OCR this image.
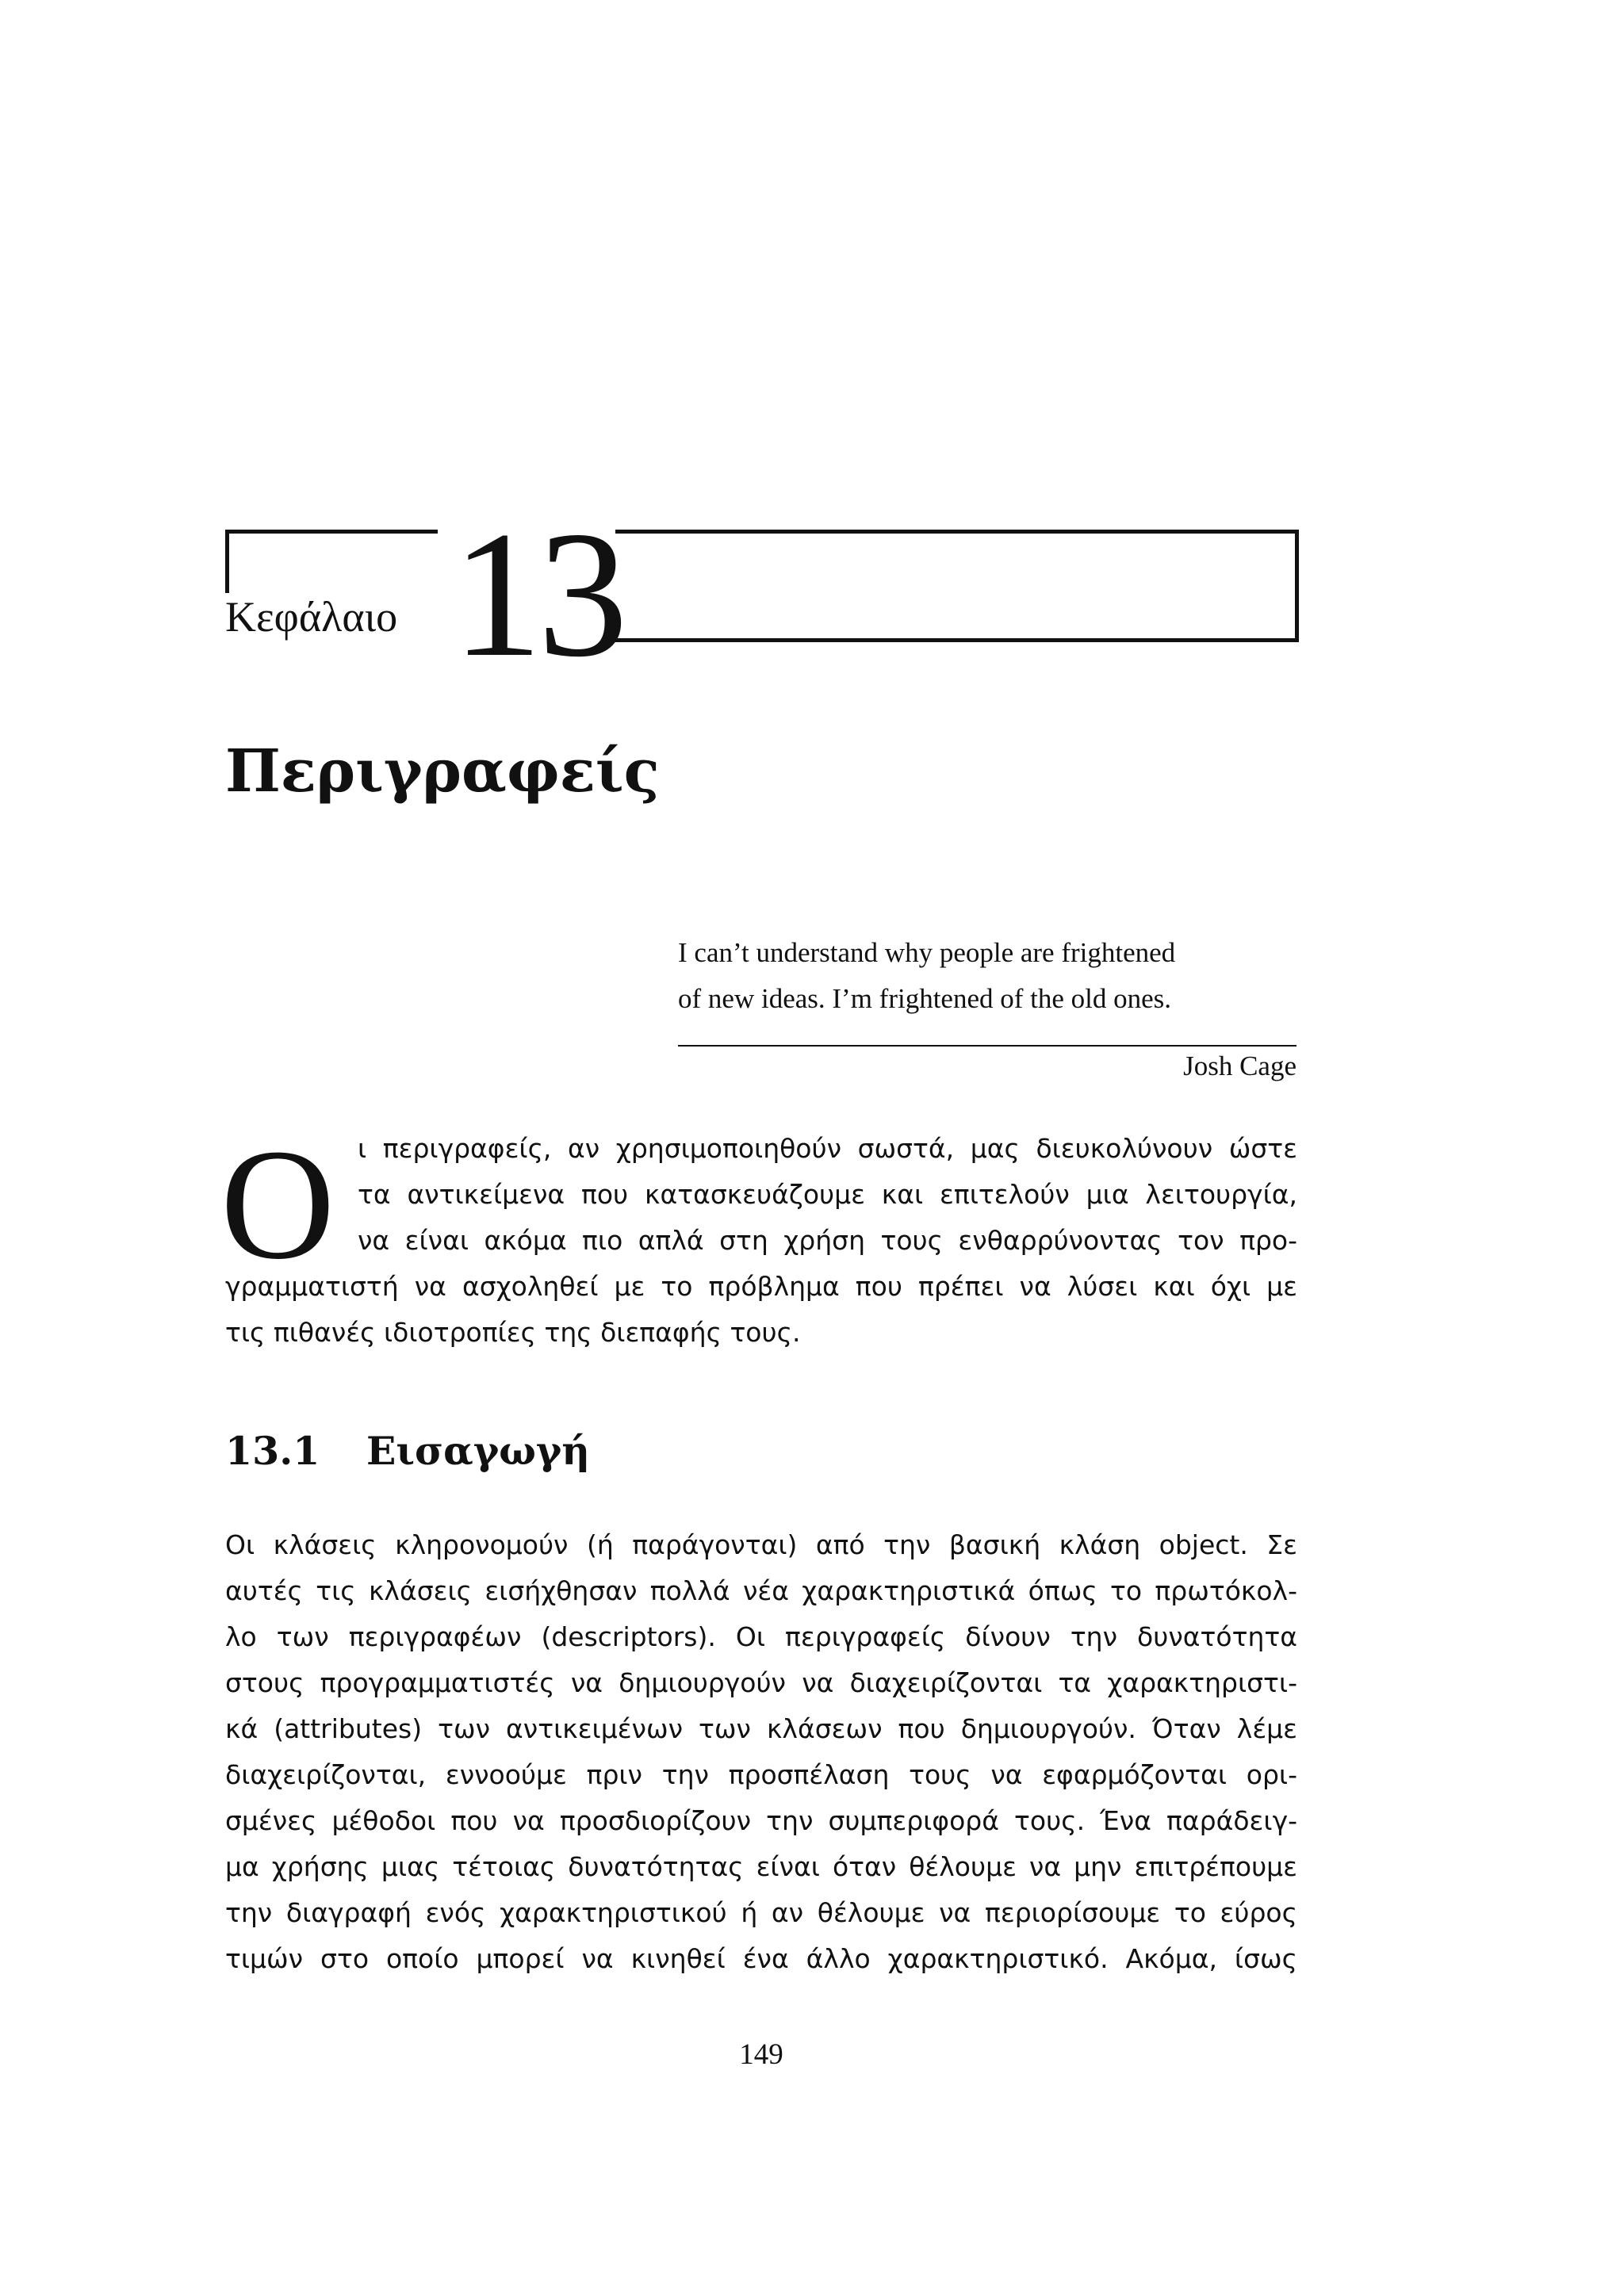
Κεφάλαιο 13
Περιγραφείς

I can’t understand why people are frightened

of new ideas. I’m frightened of the old ones.

Josh Cage
Ο ι περιγραφείς, αν χρησιμοποιηθούν σωστά, μας διευκολύνουν ώστε
τα αντικείμενα που κατασκευάζουμε και επιτελούν μια λειτουργία,
να είναι ακόμα πιο απλά στη χρήση τους ενθαρρύνοντας τον προ-
γραμματιστή να ασχοληθεί με το πρόβλημα που πρέπει να λύσει και όχι με
τις πιθανές ιδιοτροπίες της διεπαφής τους.
13.1 Εισαγωγή
Οι κλάσεις κληρονομούν (ή παράγονται) από την βασική κλάση object. Σε
αυτές τις κλάσεις εισήχθησαν πολλά νέα χαρακτηριστικά όπως το πρωτόκολ-
λο των περιγραφέων (descriptors). Οι περιγραφείς δίνουν την δυνατότητα
στους προγραμματιστές να δημιουργούν να διαχειρίζονται τα χαρακτηριστι-
κά (attributes) των αντικειμένων των κλάσεων που δημιουργούν. Όταν λέμε
διαχειρίζονται, εννοούμε πριν την προσπέλαση τους να εφαρμόζονται ορι-
σμένες μέθοδοι που να προσδιορίζουν την συμπεριφορά τους. Ένα παράδειγ-
μα χρήσης μιας τέτοιας δυνατότητας είναι όταν θέλουμε να μην επιτρέπουμε
την διαγραφή ενός χαρακτηριστικού ή αν θέλουμε να περιορίσουμε το εύρος
τιμών στο οποίο μπορεί να κινηθεί ένα άλλο χαρακτηριστικό. Ακόμα, ίσως
149
